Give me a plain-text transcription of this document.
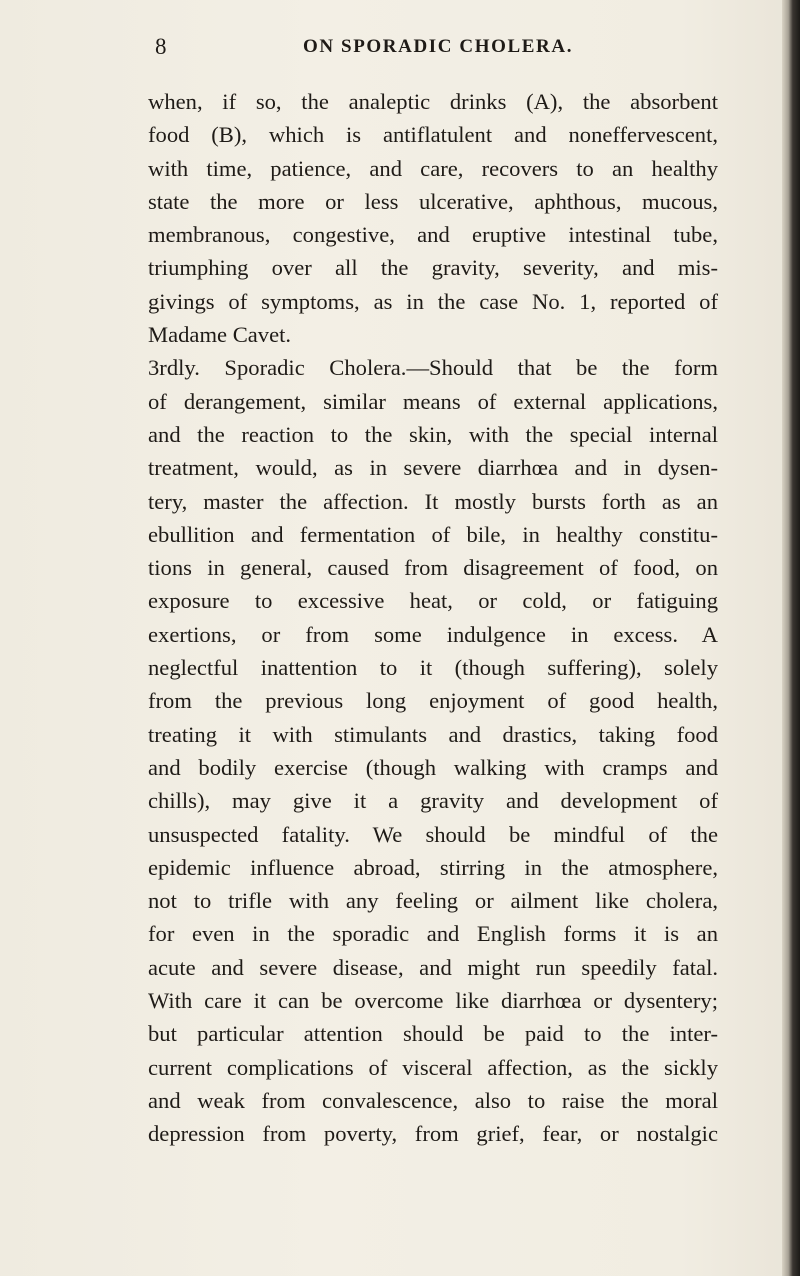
8	ON SPORADIC CHOLERA.
when, if so, the analeptic drinks (A), the absorbent
food (B), which is antiflatulent and noneffervescent,
with time, patience, and care, recovers to an healthy
state the more or less ulcerative, aphthous, mucous,
membranous, congestive, and eruptive intestinal tube,
triumphing over all the gravity, severity, and mis-
givings of symptoms, as in the case No. 1, reported of
Madame Cavet.
3rdly. Sporadic Cholera.—Should that be the form
of derangement, similar means of external applications,
and the reaction to the skin, with the special internal
treatment, would, as in severe diarrhœa and in dysen-
tery, master the affection. It mostly bursts forth as an
ebullition and fermentation of bile, in healthy constitu-
tions in general, caused from disagreement of food, on
exposure to excessive heat, or cold, or fatiguing
exertions, or from some indulgence in excess. A
neglectful inattention to it (though suffering), solely
from the previous long enjoyment of good health,
treating it with stimulants and drastics, taking food
and bodily exercise (though walking with cramps and
chills), may give it a gravity and development of
unsuspected fatality. We should be mindful of the
epidemic influence abroad, stirring in the atmosphere,
not to trifle with any feeling or ailment like cholera,
for even in the sporadic and English forms it is an
acute and severe disease, and might run speedily fatal.
With care it can be overcome like diarrhœa or dysentery;
but particular attention should be paid to the inter-
current complications of visceral affection, as the sickly
and weak from convalescence, also to raise the moral
depression from poverty, from grief, fear, or nostalgic
